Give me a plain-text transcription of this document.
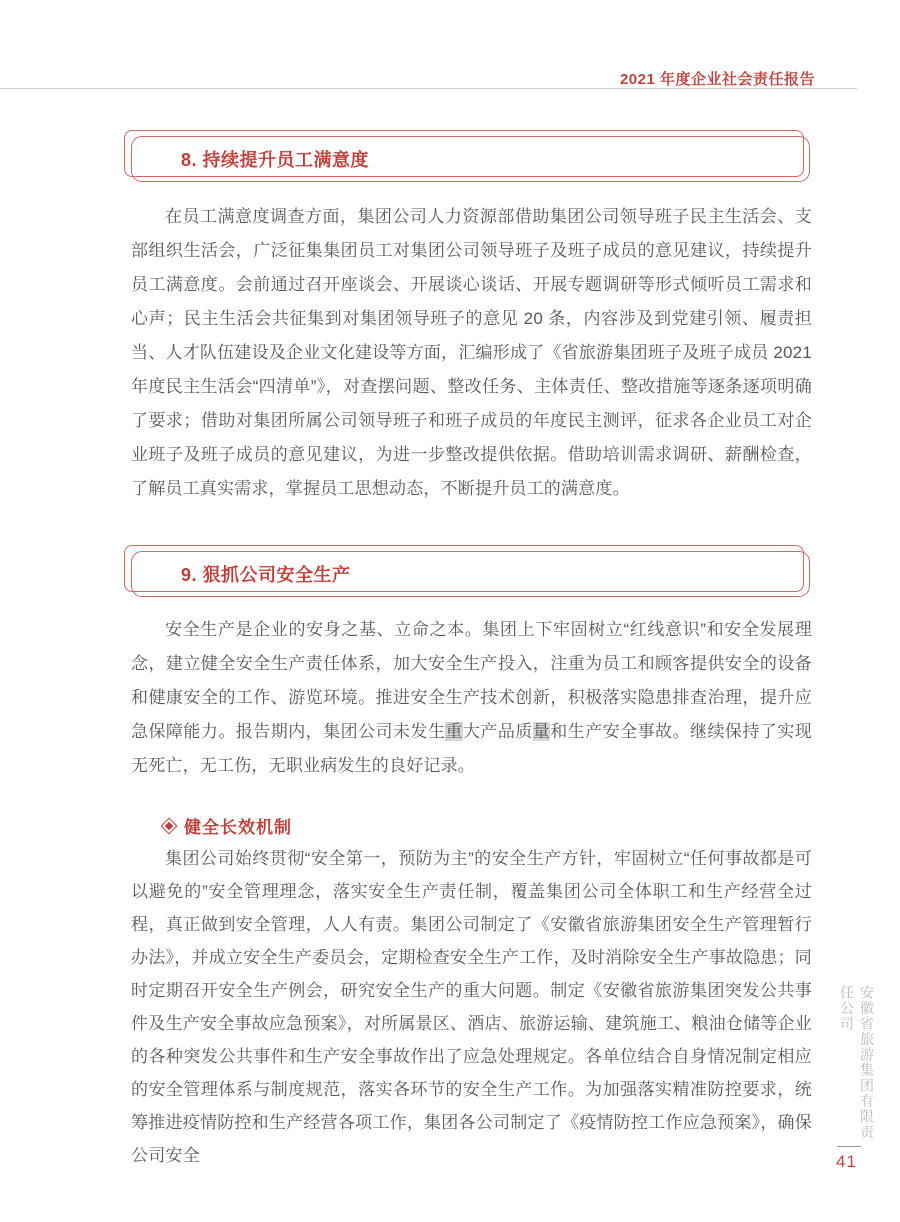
2021 年度企业社会责任报告
8. 持续提升员工满意度

在员工满意度调查方面，集团公司人力资源部借助集团公司领导班子民主生活会、支部组织生活会，广泛征集集团员工对集团公司领导班子及班子成员的意见建议，持续提升员工满意度。会前通过召开座谈会、开展谈心谈话、开展专题调研等形式倾听员工需求和心声；民主生活会共征集到对集团领导班子的意见 20 条，内容涉及到党建引领、履责担当、人才队伍建设及企业文化建设等方面，汇编形成了《省旅游集团班子及班子成员 2021 年度民主生活会“四清单”》，对查摆问题、整改任务、主体责任、整改措施等逐条逐项明确了要求；借助对集团所属公司领导班子和班子成员的年度民主测评，征求各企业员工对企业班子及班子成员的意见建议，为进一步整改提供依据。借助培训需求调研、薪酬检查，了解员工真实需求，掌握员工思想动态，不断提升员工的满意度。

9. 狠抓公司安全生产

安全生产是企业的安身之基、立命之本。集团上下牢固树立“红线意识”和安全发展理念，建立健全安全生产责任体系，加大安全生产投入，注重为员工和顾客提供安全的设备和健康安全的工作、游览环境。推进安全生产技术创新，积极落实隐患排查治理，提升应急保障能力。报告期内，集团公司未发生重大产品质量和生产安全事故。继续保持了实现无死亡，无工伤，无职业病发生的良好记录。

健全长效机制

集团公司始终贯彻“安全第一，预防为主”的安全生产方针，牢固树立“任何事故都是可以避免的”安全管理理念，落实安全生产责任制，覆盖集团公司全体职工和生产经营全过程，真正做到安全管理，人人有责。集团公司制定了《安徽省旅游集团安全生产管理暂行办法》，并成立安全生产委员会，定期检查安全生产工作，及时消除安全生产事故隐患；同时定期召开安全生产例会，研究安全生产的重大问题。制定《安徽省旅游集团突发公共事件及生产安全事故应急预案》，对所属景区、酒店、旅游运输、建筑施工、粮油仓储等企业的各种突发公共事件和生产安全事故作出了应急处理规定。各单位结合自身情况制定相应的安全管理体系与制度规范，落实各环节的安全生产工作。为加强落实精准防控要求，统筹推进疫情防控和生产经营各项工作，集团各公司制定了《疫情防控工作应急预案》，确保公司安全

安徽省旅游集团有限责任公司
41
